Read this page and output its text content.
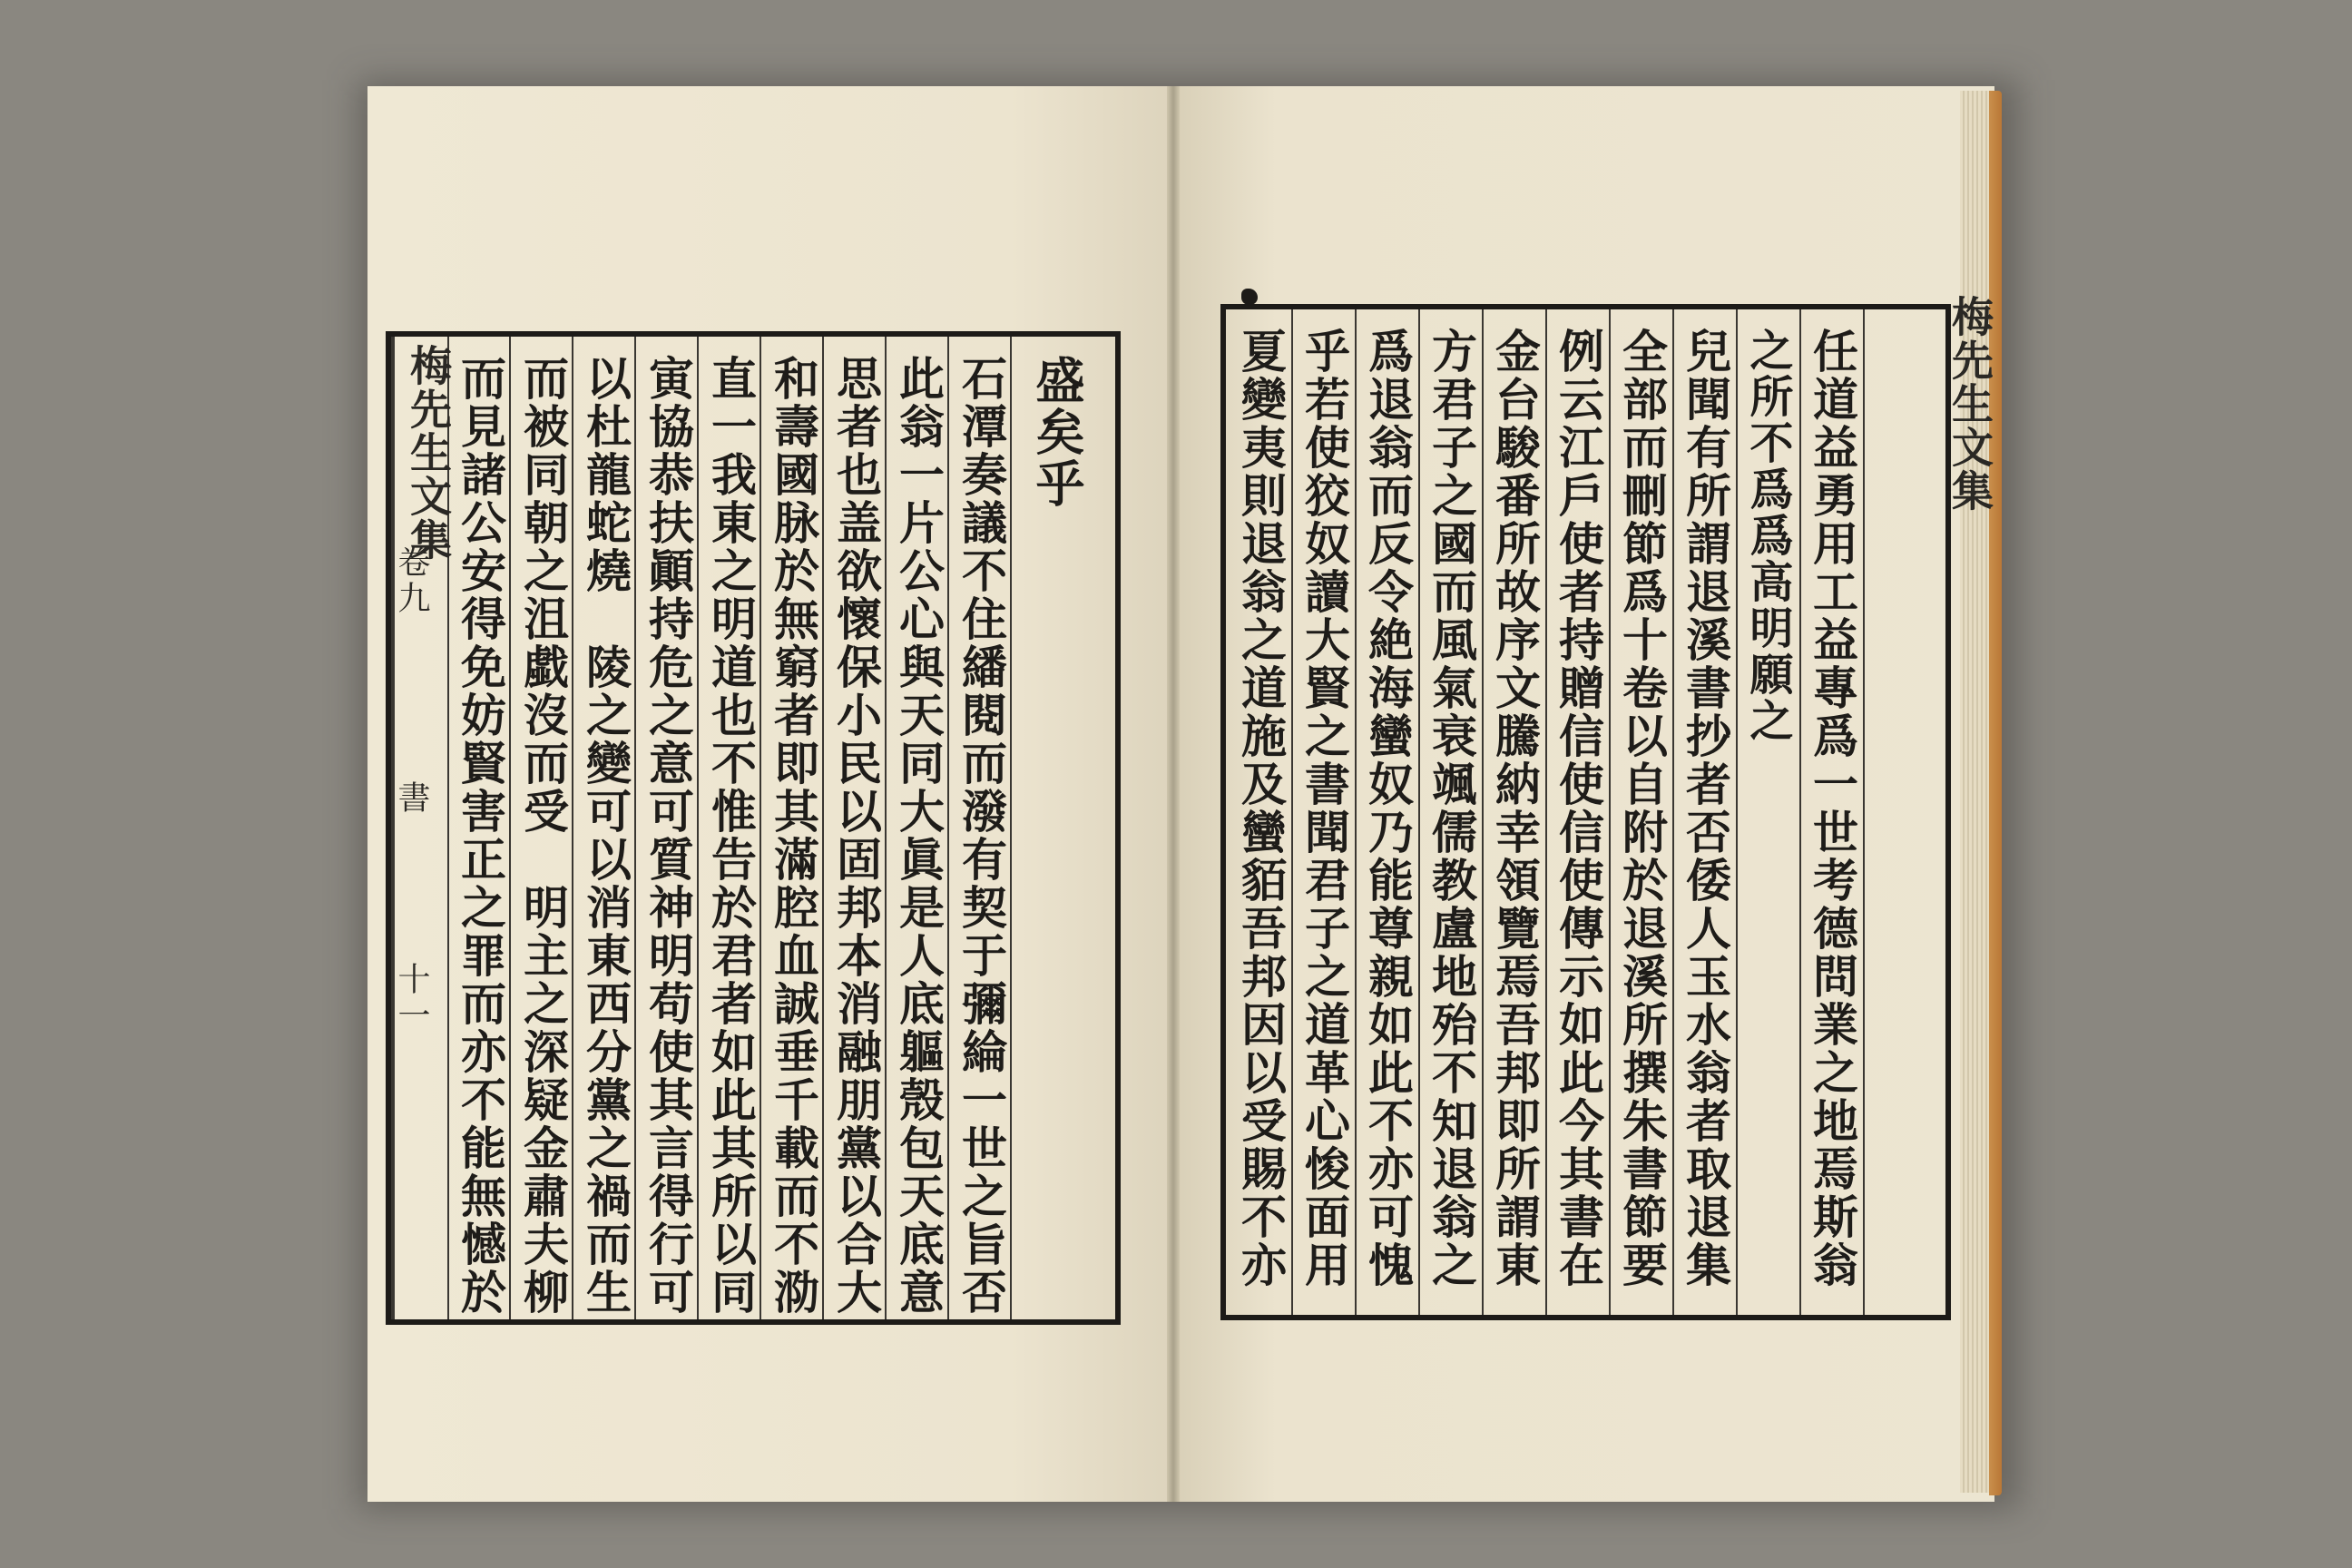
盛矣乎
石潭奏議不住繙閱而潑有契于彌綸一世之旨否
此翁一片公心與天同大眞是人底軀殼包天底意
思者也盖欲懷保小民以固邦本消融朋黨以合大
和壽國脉於無窮者即其滿腔血誠垂千載而不泐
直一我東之明道也不惟告於君者如此其所以同
寅協恭扶顚持危之意可質神明苟使其言得行可
以杜龍蛇燒　陵之變可以消東西分黨之禍而生
而被同朝之沮戱沒而受　明主之深疑金肅夫柳
而見諸公安得免妨賢害正之罪而亦不能無憾於
梅先生文集
卷九
書
十一	任道益勇用工益專爲一世考德問業之地焉斯翁
之所不爲爲高明願之
兒聞有所謂退溪書抄者否倭人玉水翁者取退集
全部而刪節爲十卷以自附於退溪所撰朱書節要
例云江戶使者持贈信使信使傳示如此今其書在
金台駿番所故序文騰納幸領覽焉吾邦即所謂東
方君子之國而風氣衰颯儒教盧地殆不知退翁之
爲退翁而反令絶海蠻奴乃能尊親如此不亦可愧
乎若使狡奴讀大賢之書聞君子之道革心悛面用
夏變夷則退翁之道施及蠻貊吾邦因以受賜不亦	梅先生文集
